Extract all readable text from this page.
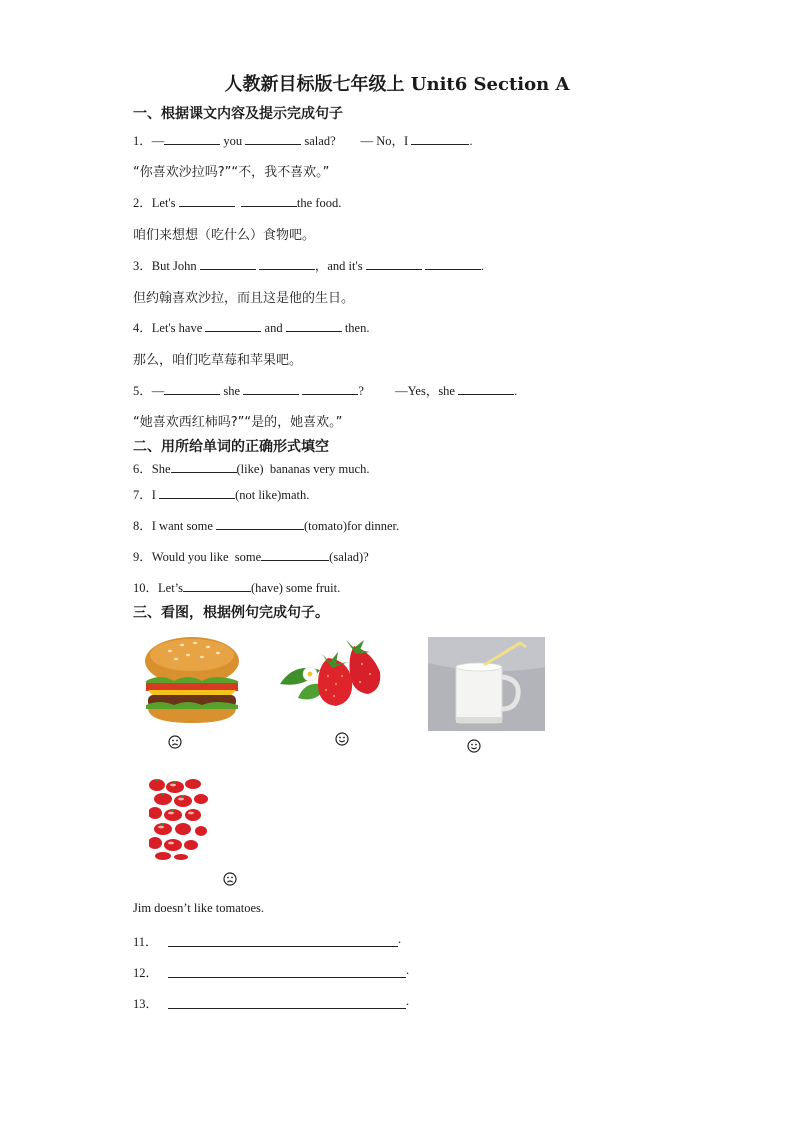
人教新目标版七年级上 Unit6 Section A
一、根据课文内容及提示完成句子
1．—	you	salad? — No，I	.
“你喜欢沙拉吗?”“不，我不喜欢。”
2．Let's	the food.
咱们来想想（吃什么）食物吧。
3．But John	，and it's	.
但约翰喜欢沙拉，而且这是他的生日。
4．Let's have	and	then.
那么，咱们吃草莓和苹果吧。
5．—	she	?	—Yes，she	.
“她喜欢西红柿吗?”“是的，她喜欢。”
二、用所给单词的正确形式填空
6．She	(like)  bananas very much.
7．I	(not like)math.
8．I want some	(tomato)for dinner.
9．Would you like  some	(salad)?
10．Let’s	(have) some fruit.
三、看图，根据例句完成句子。
Jim doesn’t like tomatoes.
11．	.
12．	.
13．	.
